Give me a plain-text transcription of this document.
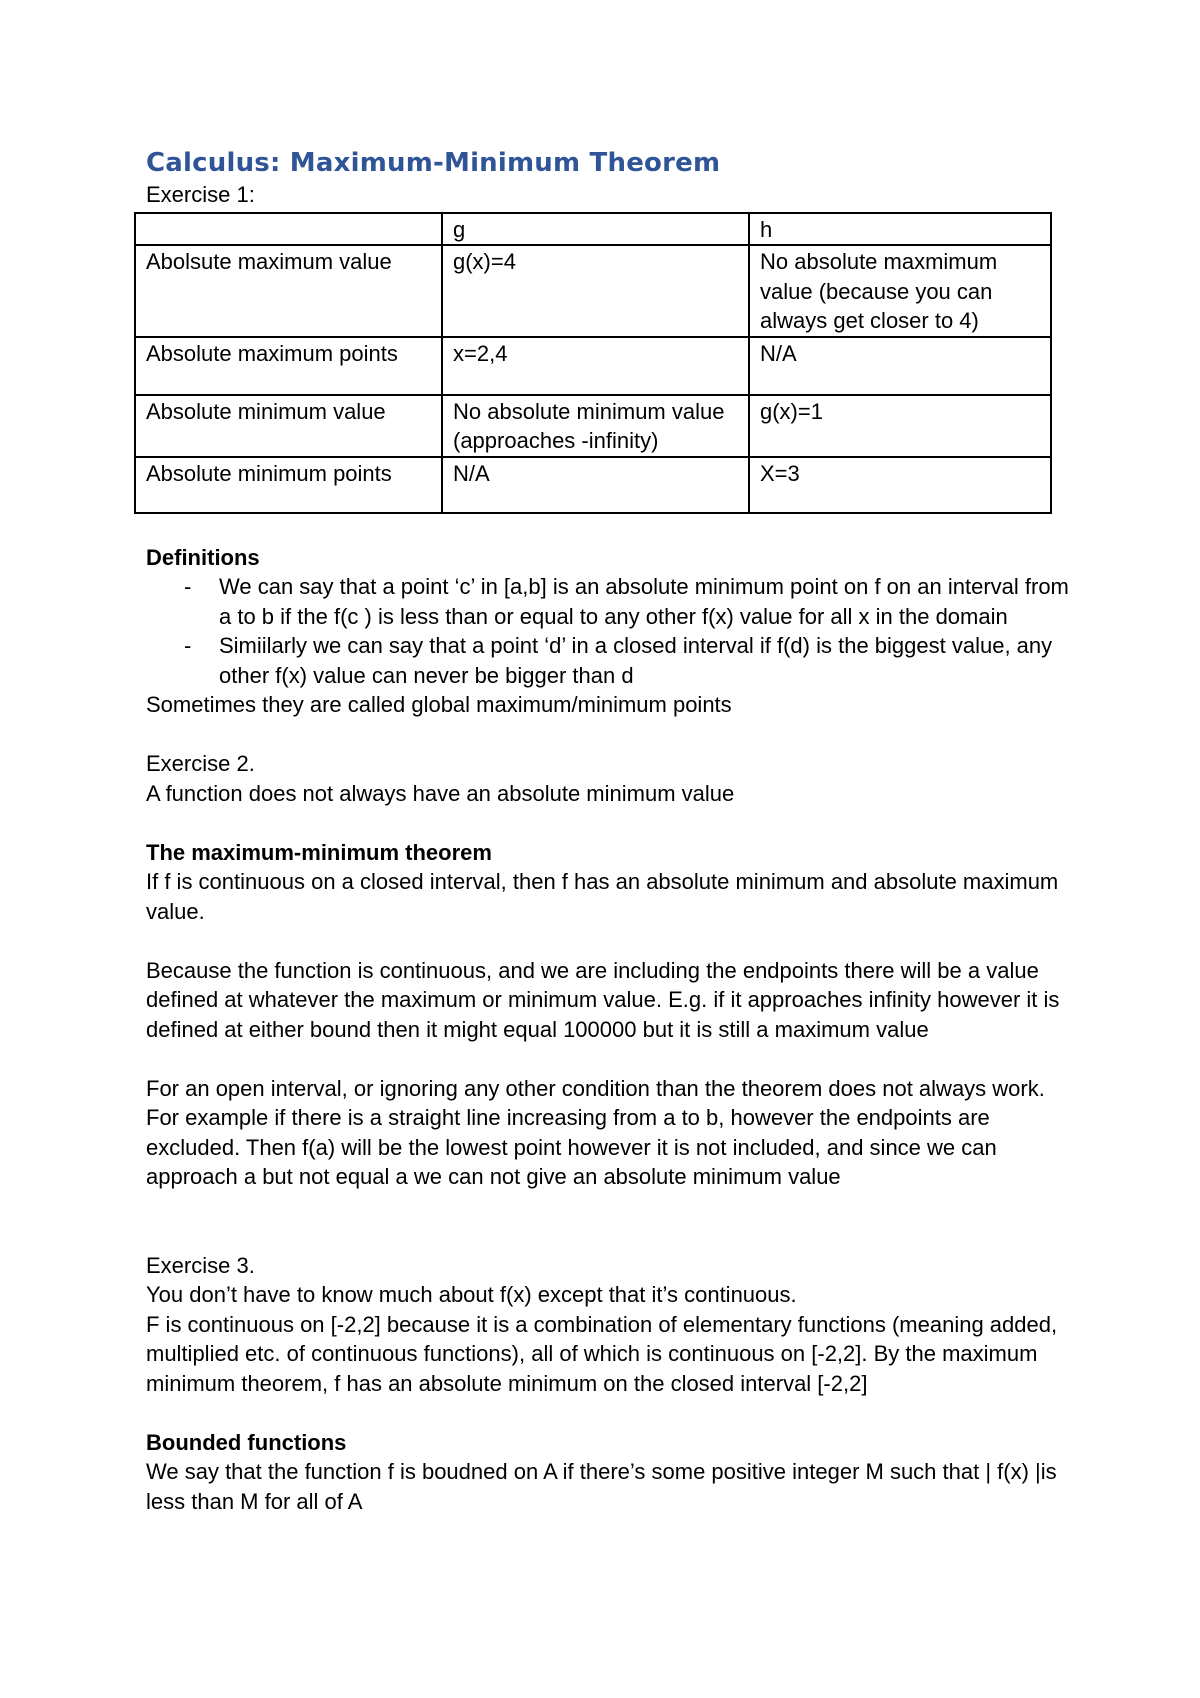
Calculus: Maximum-Minimum Theorem

Exercise 1:

	g	h
Abolsute maximum value	g(x)=4	No absolute maxmimum value (because you can always get closer to 4)
Absolute maximum points	x=2,4	N/A
Absolute minimum value	No absolute minimum value (approaches -infinity)	g(x)=1
Absolute minimum points	N/A	X=3

Definitions

- We can say that a point ‘c’ in [a,b] is an absolute minimum point on f on an interval from a to b if the f(c ) is less than or equal to any other f(x) value for all x in the domain
- Simiilarly we can say that a point ‘d’ in a closed interval if f(d) is the biggest value, any other f(x) value can never be bigger than d

Sometimes they are called global maximum/minimum points

Exercise 2.

A function does not always have an absolute minimum value

The maximum-minimum theorem

If f is continuous on a closed interval, then f has an absolute minimum and absolute maximum value.

Because the function is continuous, and we are including the endpoints there will be a value defined at whatever the maximum or minimum value. E.g. if it approaches infinity however it is defined at either bound then it might equal 100000 but it is still a maximum value

For an open interval, or ignoring any other condition than the theorem does not always work. For example if there is a straight line increasing from a to b, however the endpoints are excluded. Then f(a) will be the lowest point however it is not included, and since we can approach a but not equal a we can not give an absolute minimum value

Exercise 3.

You don’t have to know much about f(x) except that it’s continuous.

F is continuous on [-2,2] because it is a combination of elementary functions (meaning added, multiplied etc. of continuous functions), all of which is continuous on [-2,2]. By the maximum minimum theorem, f has an absolute minimum on the closed interval [-2,2]

Bounded functions

We say that the function f is boudned on A if there’s some positive integer M such that | f(x) |is less than M for all of A
